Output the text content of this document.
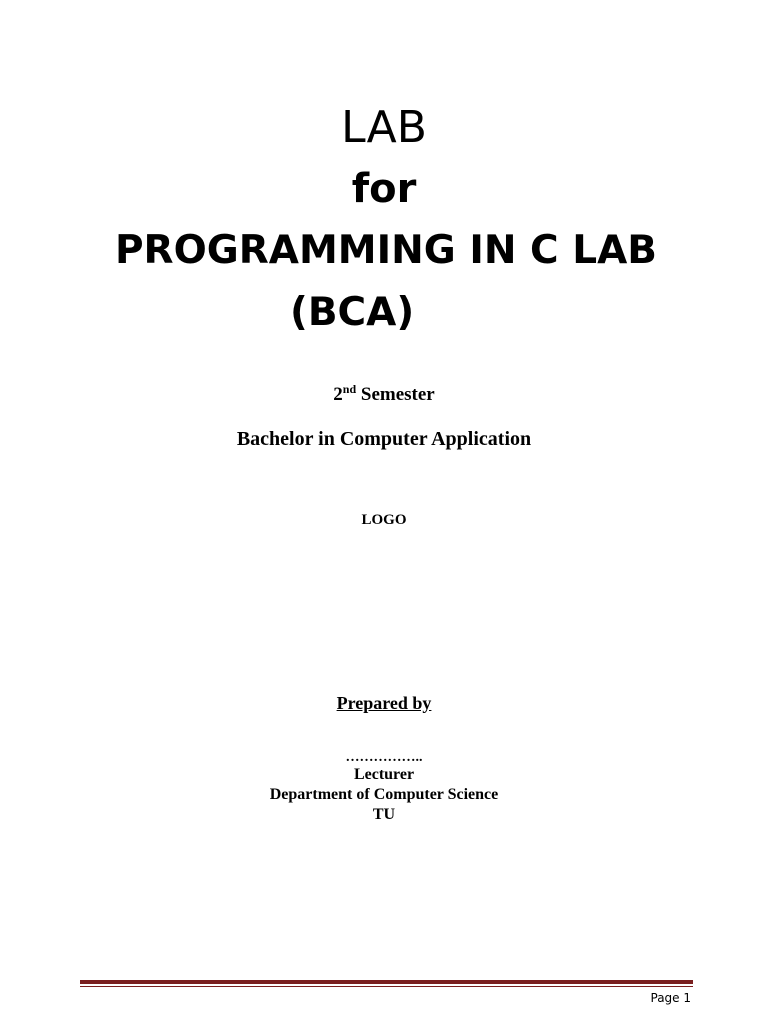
LAB
for
PROGRAMMING IN C LAB
(BCA)
2nd Semester
Bachelor in Computer Application
LOGO
Prepared by
……………..
Lecturer
Department of Computer Science
TU
Page 1
